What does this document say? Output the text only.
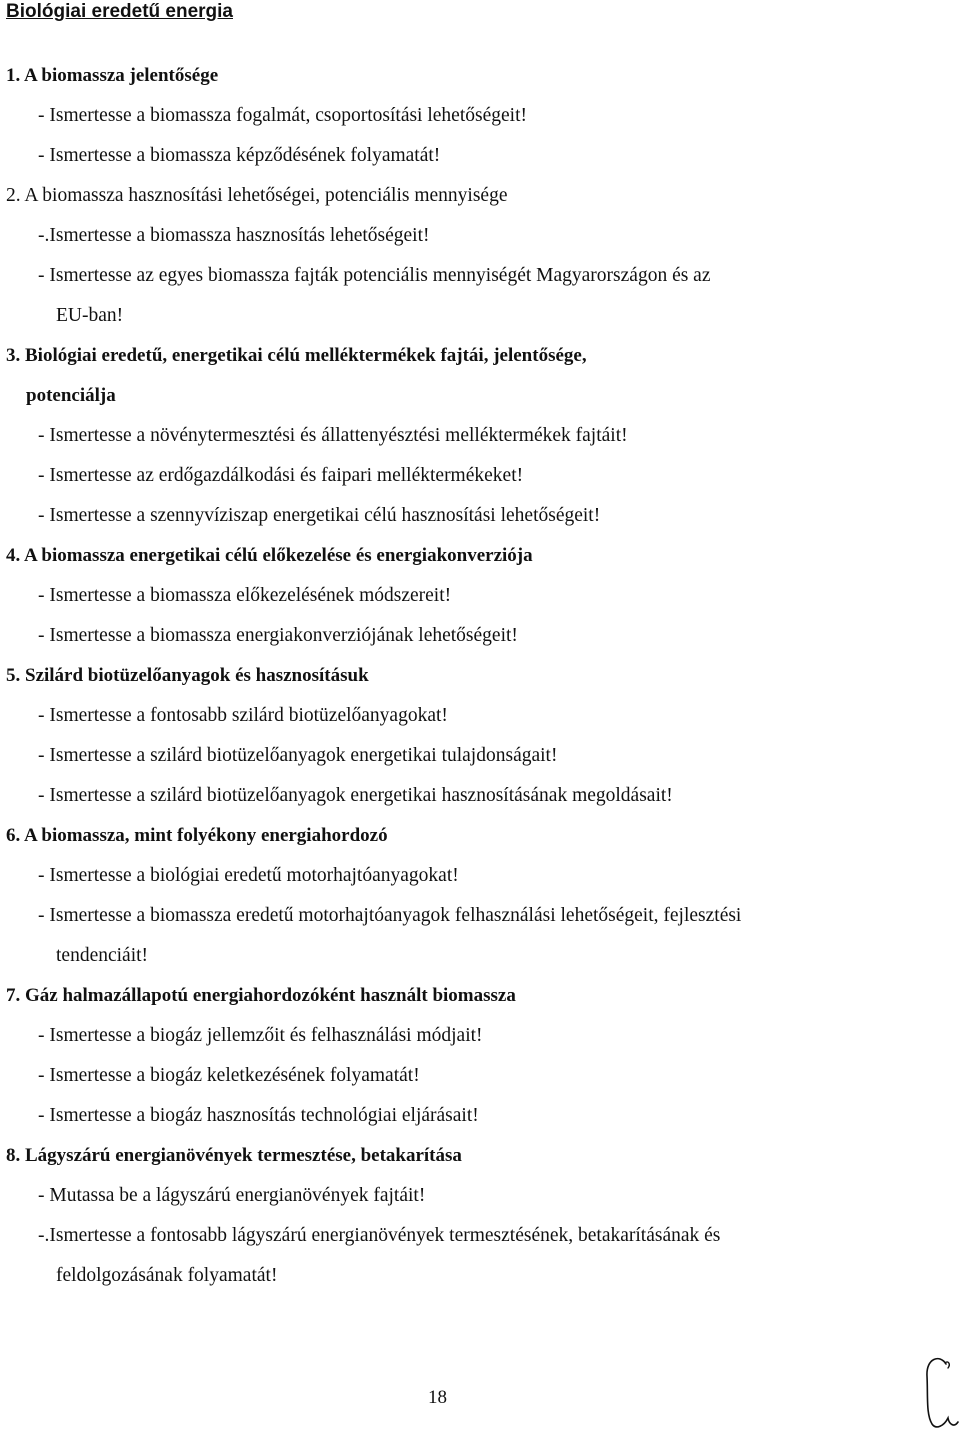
Biológiai eredetű energia
1. A biomassza jelentősége
- Ismertesse a biomassza fogalmát, csoportosítási lehetőségeit!
- Ismertesse a biomassza képződésének folyamatát!
2. A biomassza hasznosítási lehetőségei, potenciális mennyisége
-.Ismertesse a biomassza hasznosítás lehetőségeit!
- Ismertesse az egyes biomassza fajták potenciális mennyiségét Magyarországon és az
EU-ban!
3. Biológiai eredetű, energetikai célú melléktermékek fajtái, jelentősége,
potenciálja
- Ismertesse a növénytermesztési és állattenyésztési melléktermékek fajtáit!
- Ismertesse az erdőgazdálkodási és faipari melléktermékeket!
- Ismertesse a szennyvíziszap energetikai célú hasznosítási lehetőségeit!
4. A biomassza energetikai célú előkezelése és energiakonverziója
- Ismertesse a biomassza előkezelésének módszereit!
- Ismertesse a biomassza energiakonverziójának lehetőségeit!
5. Szilárd biotüzelőanyagok és hasznosításuk
- Ismertesse a fontosabb szilárd biotüzelőanyagokat!
- Ismertesse a szilárd biotüzelőanyagok energetikai tulajdonságait!
- Ismertesse a szilárd biotüzelőanyagok energetikai hasznosításának megoldásait!
6. A biomassza, mint folyékony energiahordozó
- Ismertesse a biológiai eredetű motorhajtóanyagokat!
- Ismertesse a biomassza eredetű motorhajtóanyagok felhasználási lehetőségeit, fejlesztési
tendenciáit!
7. Gáz halmazállapotú energiahordozóként használt biomassza
- Ismertesse a biogáz jellemzőit és felhasználási módjait!
- Ismertesse a biogáz keletkezésének folyamatát!
- Ismertesse a biogáz hasznosítás technológiai eljárásait!
8. Lágyszárú energianövények termesztése, betakarítása
- Mutassa be a lágyszárú energianövények fajtáit!
-.Ismertesse a fontosabb lágyszárú energianövények termesztésének, betakarításának és
feldolgozásának folyamatát!
18
